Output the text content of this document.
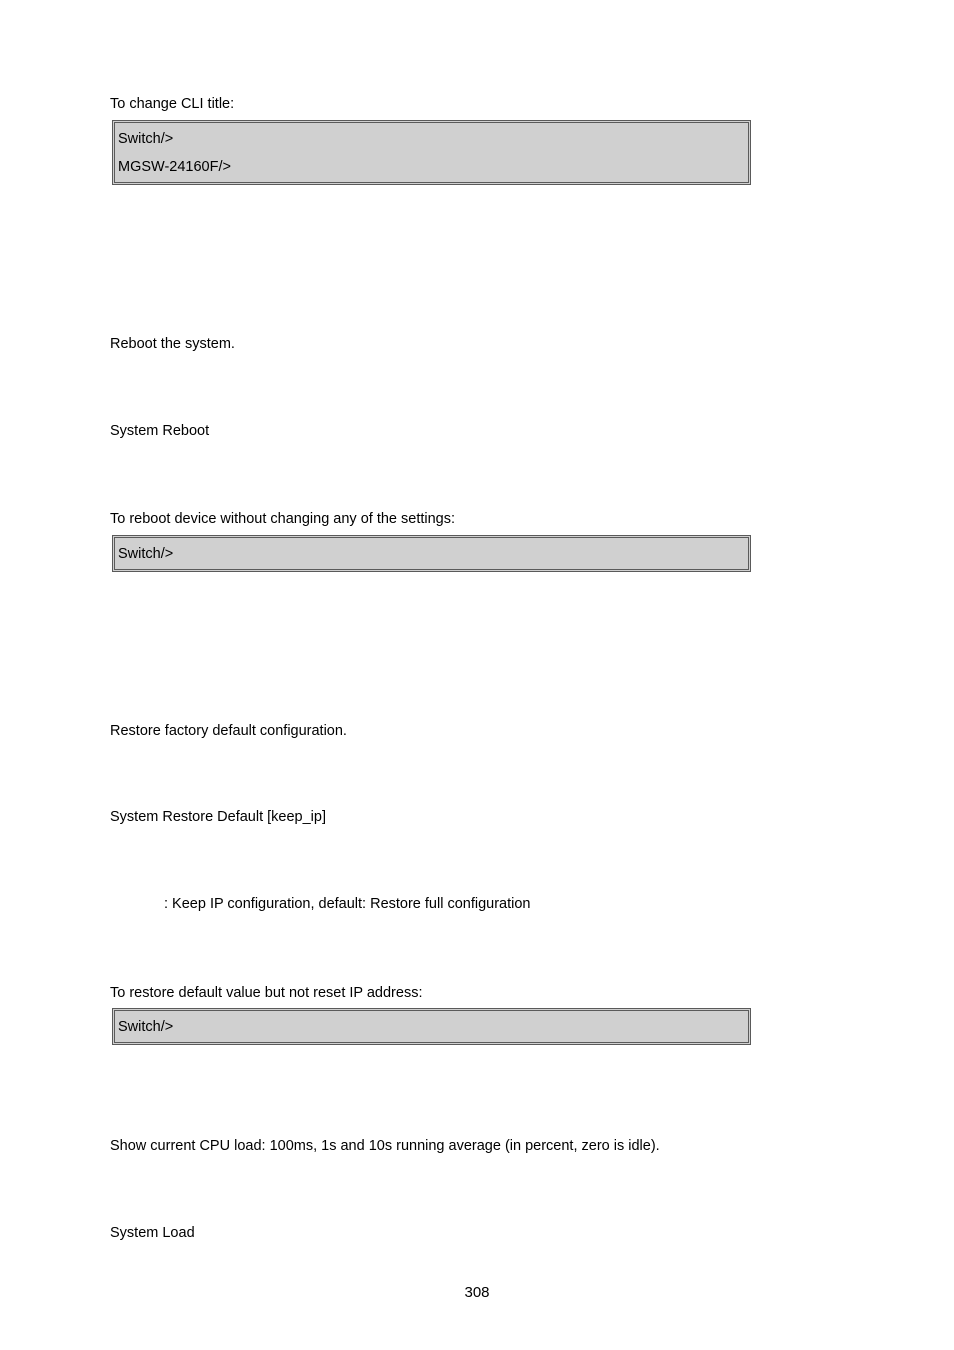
To change CLI title:

Switch/>
MGSW-24160F/>

Reboot the system.

System Reboot

To reboot device without changing any of the settings:

Switch/>

Restore factory default configuration.

System Restore Default [keep_ip]

: Keep IP configuration, default: Restore full configuration

To restore default value but not reset IP address:

Switch/>

Show current CPU load: 100ms, 1s and 10s running average (in percent, zero is idle).

System Load

308
